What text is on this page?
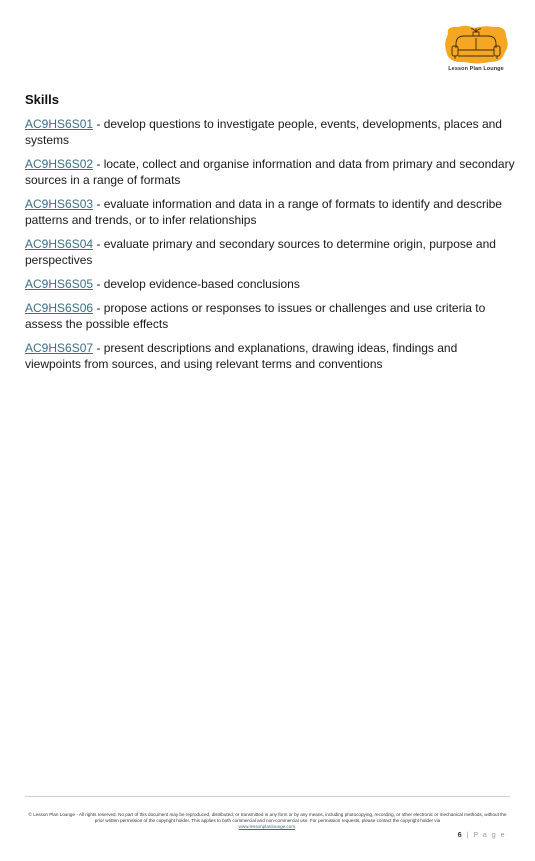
Lesson Plan Lounge
Skills

AC9HS6S01 - develop questions to investigate people, events, developments, places and systems

AC9HS6S02 - locate, collect and organise information and data from primary and secondary sources in a range of formats

AC9HS6S03 - evaluate information and data in a range of formats to identify and describe patterns and trends, or to infer relationships

AC9HS6S04 - evaluate primary and secondary sources to determine origin, purpose and perspectives

AC9HS6S05 - develop evidence-based conclusions

AC9HS6S06 - propose actions or responses to issues or challenges and use criteria to assess the possible effects

AC9HS6S07 - present descriptions and explanations, drawing ideas, findings and viewpoints from sources, and using relevant terms and conventions

© Lesson Plan Lounge - All rights reserved. No part of this document may be reproduced, distributed, or transmitted in any form or by any means, including photocopying, recording, or other electronic or mechanical methods, without the prior written permission of the copyright holder. This applies to both commercial and non-commercial use. For permission requests, please contact the copyright holder via
www.lessonplanlounge.com.
6 | P a g e
